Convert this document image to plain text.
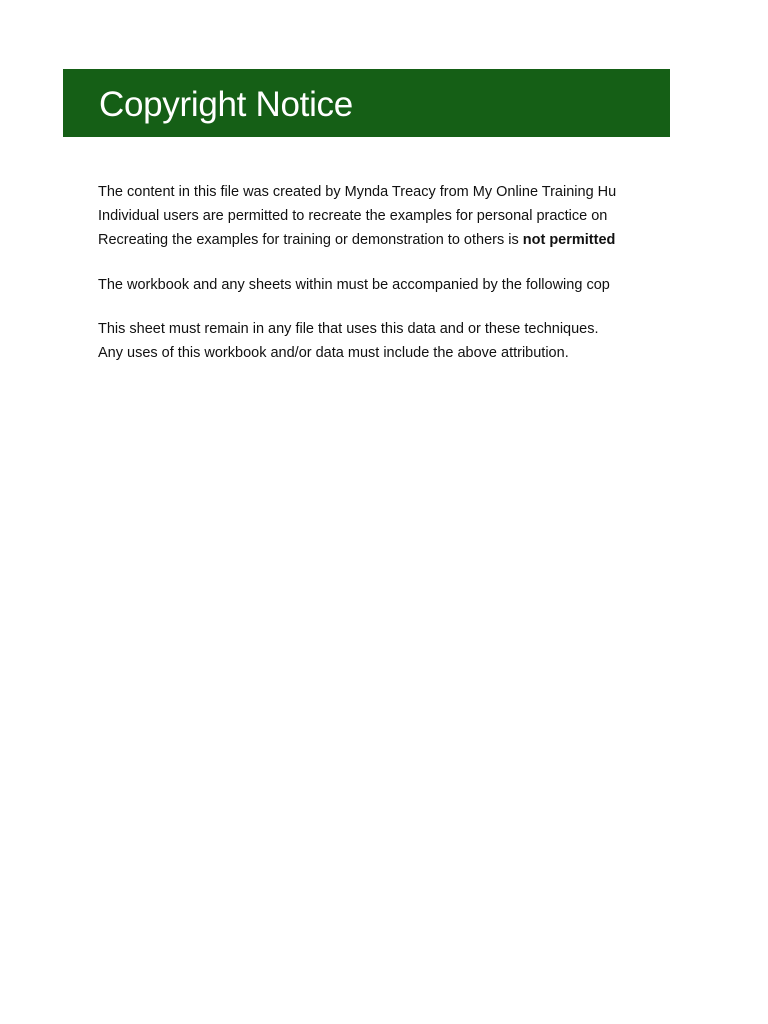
Copyright Notice
The content in this file was created by Mynda Treacy from My Online Training Hu
Individual users are permitted to recreate the examples for personal practice on
Recreating the examples for training or demonstration to others is not permitted
The workbook and any sheets within must be accompanied by the following cop
This sheet must remain in any file that uses this data and or these techniques.
Any uses of this workbook and/or data must include the above attribution.
